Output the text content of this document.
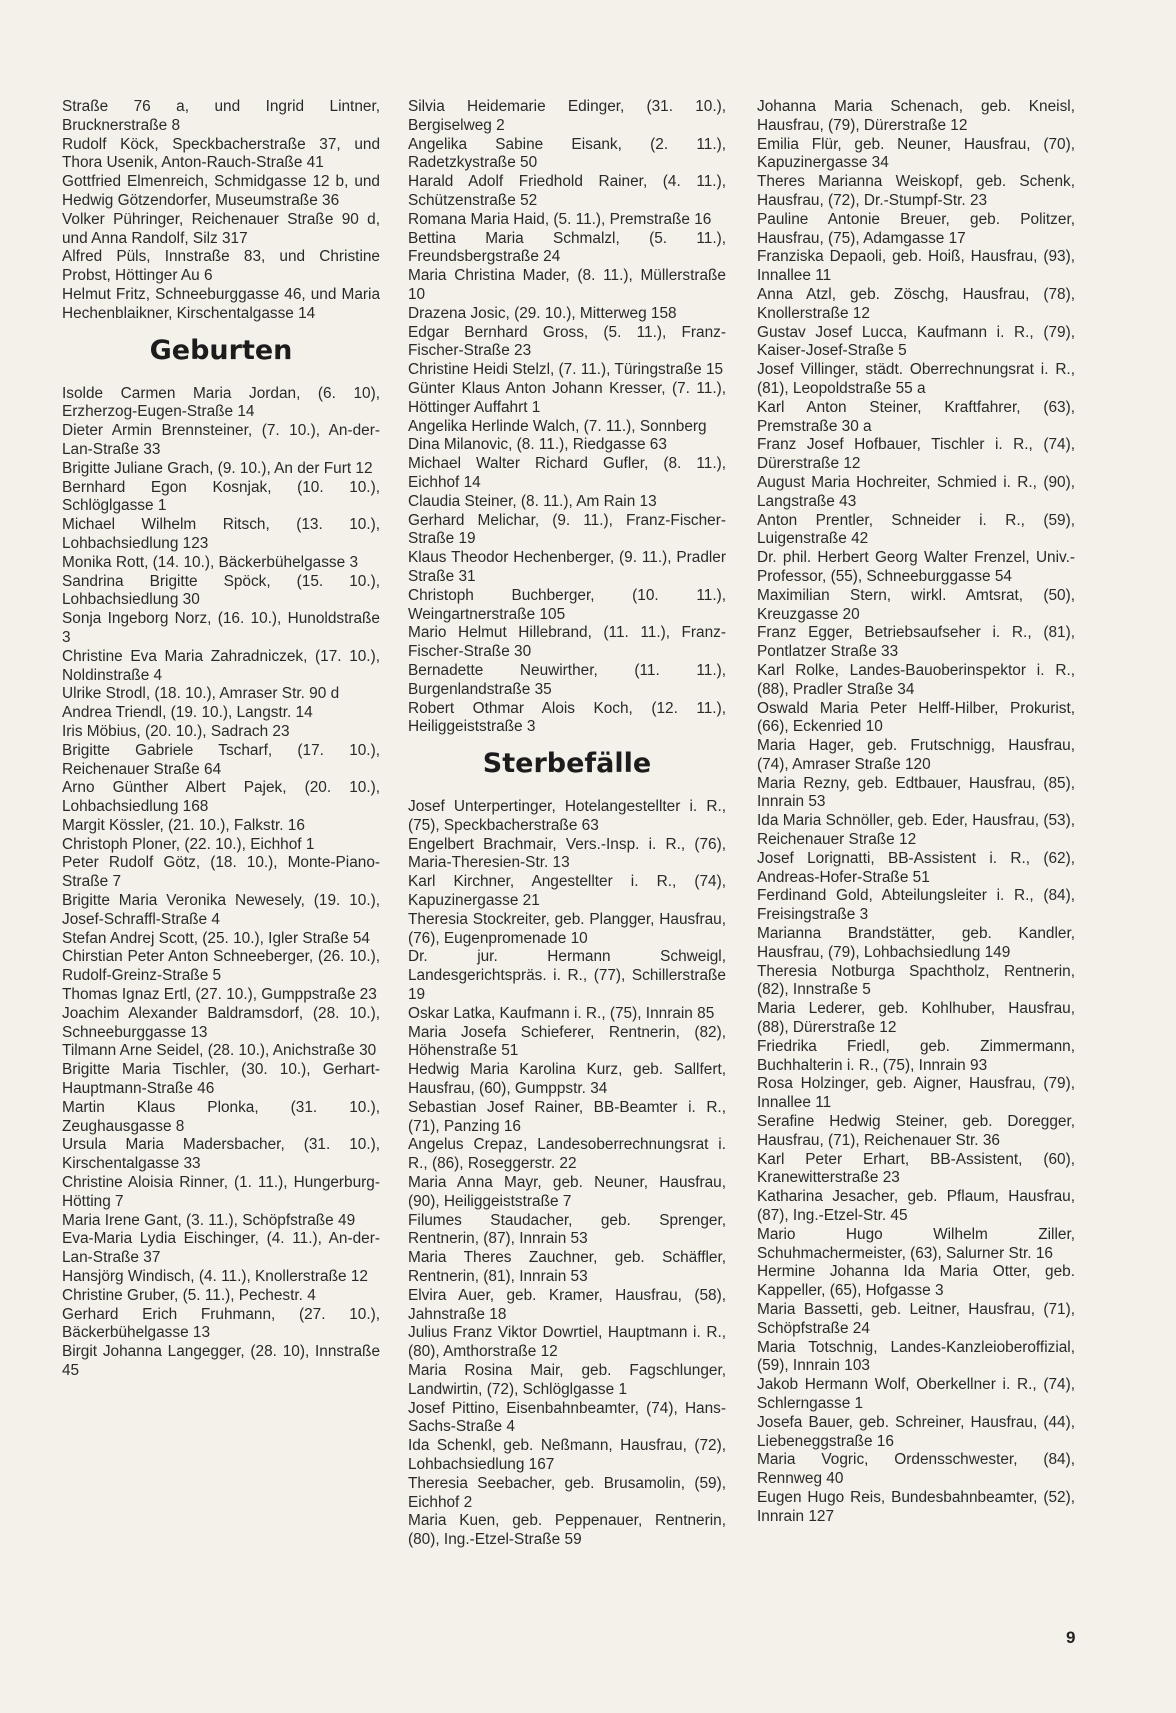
Straße 76 a, und Ingrid Lintner, Brucknerstraße 8

Rudolf Köck, Speckbacherstraße 37, und Thora Usenik, Anton-Rauch-Straße 41

Gottfried Elmenreich, Schmidgasse 12 b, und Hedwig Götzendorfer, Museumstraße 36

Volker Pühringer, Reichenauer Straße 90 d, und Anna Randolf, Silz 317

Alfred Püls, Innstraße 83, und Christine Probst, Höttinger Au 6

Helmut Fritz, Schneeburggasse 46, und Maria Hechenblaikner, Kirschentalgasse 14

Geburten

Isolde Carmen Maria Jordan, (6. 10), Erzherzog-Eugen-Straße 14

Dieter Armin Brennsteiner, (7. 10.), An-der-Lan-Straße 33

Brigitte Juliane Grach, (9. 10.), An der Furt 12

Bernhard Egon Kosnjak, (10. 10.), Schlöglgasse 1

Michael Wilhelm Ritsch, (13. 10.), Lohbachsiedlung 123

Monika Rott, (14. 10.), Bäckerbühelgasse 3

Sandrina Brigitte Spöck, (15. 10.), Lohbachsiedlung 30

Sonja Ingeborg Norz, (16. 10.), Hunoldstraße 3

Christine Eva Maria Zahradniczek, (17. 10.), Noldinstraße 4

Ulrike Strodl, (18. 10.), Amraser Str. 90 d

Andrea Triendl, (19. 10.), Langstr. 14

Iris Möbius, (20. 10.), Sadrach 23

Brigitte Gabriele Tscharf, (17. 10.), Reichenauer Straße 64

Arno Günther Albert Pajek, (20. 10.), Lohbachsiedlung 168

Margit Kössler, (21. 10.), Falkstr. 16

Christoph Ploner, (22. 10.), Eichhof 1

Peter Rudolf Götz, (18. 10.), Monte-Piano-Straße 7

Brigitte Maria Veronika Newesely, (19. 10.), Josef-Schraffl-Straße 4

Stefan Andrej Scott, (25. 10.), Igler Straße 54

Chirstian Peter Anton Schneeberger, (26. 10.), Rudolf-Greinz-Straße 5

Thomas Ignaz Ertl, (27. 10.), Gumppstraße 23

Joachim Alexander Baldramsdorf, (28. 10.), Schneeburggasse 13

Tilmann Arne Seidel, (28. 10.), Anichstraße 30

Brigitte Maria Tischler, (30. 10.), Gerhart-Hauptmann-Straße 46

Martin Klaus Plonka, (31. 10.), Zeughausgasse 8

Ursula Maria Madersbacher, (31. 10.), Kirschentalgasse 33

Christine Aloisia Rinner, (1. 11.), Hungerburg-Hötting 7

Maria Irene Gant, (3. 11.), Schöpfstraße 49

Eva-Maria Lydia Eischinger, (4. 11.), An-der-Lan-Straße 37

Hansjörg Windisch, (4. 11.), Knollerstraße 12

Christine Gruber, (5. 11.), Pechestr. 4

Gerhard Erich Fruhmann, (27. 10.), Bäckerbühelgasse 13

Birgit Johanna Langegger, (28. 10), Innstraße 45

Silvia Heidemarie Edinger, (31. 10.), Bergiselweg 2

Angelika Sabine Eisank, (2. 11.), Radetzkystraße 50

Harald Adolf Friedhold Rainer, (4. 11.), Schützenstraße 52

Romana Maria Haid, (5. 11.), Premstraße 16

Bettina Maria Schmalzl, (5. 11.), Freundsbergstraße 24

Maria Christina Mader, (8. 11.), Müllerstraße 10

Drazena Josic, (29. 10.), Mitterweg 158

Edgar Bernhard Gross, (5. 11.), Franz-Fischer-Straße 23

Christine Heidi Stelzl, (7. 11.), Türingstraße 15

Günter Klaus Anton Johann Kresser, (7. 11.), Höttinger Auffahrt 1

Angelika Herlinde Walch, (7. 11.), Sonnberg

Dina Milanovic, (8. 11.), Riedgasse 63

Michael Walter Richard Gufler, (8. 11.), Eichhof 14

Claudia Steiner, (8. 11.), Am Rain 13

Gerhard Melichar, (9. 11.), Franz-Fischer-Straße 19

Klaus Theodor Hechenberger, (9. 11.), Pradler Straße 31

Christoph Buchberger, (10. 11.), Weingartnerstraße 105

Mario Helmut Hillebrand, (11. 11.), Franz-Fischer-Straße 30

Bernadette Neuwirther, (11. 11.), Burgenlandstraße 35

Robert Othmar Alois Koch, (12. 11.), Heiliggeiststraße 3

Sterbefälle

Josef Unterpertinger, Hotelangestellter i. R., (75), Speckbacherstraße 63

Engelbert Brachmair, Vers.-Insp. i. R., (76), Maria-Theresien-Str. 13

Karl Kirchner, Angestellter i. R., (74), Kapuzinergasse 21

Theresia Stockreiter, geb. Plangger, Hausfrau, (76), Eugenpromenade 10

Dr. jur. Hermann Schweigl, Landesgerichtspräs. i. R., (77), Schillerstraße 19

Oskar Latka, Kaufmann i. R., (75), Innrain 85

Maria Josefa Schieferer, Rentnerin, (82), Höhenstraße 51

Hedwig Maria Karolina Kurz, geb. Sallfert, Hausfrau, (60), Gumppstr. 34

Sebastian Josef Rainer, BB-Beamter i. R., (71), Panzing 16

Angelus Crepaz, Landesoberrechnungsrat i. R., (86), Roseggerstr. 22

Maria Anna Mayr, geb. Neuner, Hausfrau, (90), Heiliggeiststraße 7

Filumes Staudacher, geb. Sprenger, Rentnerin, (87), Innrain 53

Maria Theres Zauchner, geb. Schäffler, Rentnerin, (81), Innrain 53

Elvira Auer, geb. Kramer, Hausfrau, (58), Jahnstraße 18

Julius Franz Viktor Dowrtiel, Hauptmann i. R., (80), Amthorstraße 12

Maria Rosina Mair, geb. Fagschlunger, Landwirtin, (72), Schlöglgasse 1

Josef Pittino, Eisenbahnbeamter, (74), Hans-Sachs-Straße 4

Ida Schenkl, geb. Neßmann, Hausfrau, (72), Lohbachsiedlung 167

Theresia Seebacher, geb. Brusamolin, (59), Eichhof 2

Maria Kuen, geb. Peppenauer, Rentnerin, (80), Ing.-Etzel-Straße 59

Johanna Maria Schenach, geb. Kneisl, Hausfrau, (79), Dürerstraße 12

Emilia Flür, geb. Neuner, Hausfrau, (70), Kapuzinergasse 34

Theres Marianna Weiskopf, geb. Schenk, Hausfrau, (72), Dr.-Stumpf-Str. 23

Pauline Antonie Breuer, geb. Politzer, Hausfrau, (75), Adamgasse 17

Franziska Depaoli, geb. Hoiß, Hausfrau, (93), Innallee 11

Anna Atzl, geb. Zöschg, Hausfrau, (78), Knollerstraße 12

Gustav Josef Lucca, Kaufmann i. R., (79), Kaiser-Josef-Straße 5

Josef Villinger, städt. Oberrechnungsrat i. R., (81), Leopoldstraße 55 a

Karl Anton Steiner, Kraftfahrer, (63), Premstraße 30 a

Franz Josef Hofbauer, Tischler i. R., (74), Dürerstraße 12

August Maria Hochreiter, Schmied i. R., (90), Langstraße 43

Anton Prentler, Schneider i. R., (59), Luigenstraße 42

Dr. phil. Herbert Georg Walter Frenzel, Univ.-Professor, (55), Schneeburggasse 54

Maximilian Stern, wirkl. Amtsrat, (50), Kreuzgasse 20

Franz Egger, Betriebsaufseher i. R., (81), Pontlatzer Straße 33

Karl Rolke, Landes-Bauoberinspektor i. R., (88), Pradler Straße 34

Oswald Maria Peter Helff-Hilber, Prokurist, (66), Eckenried 10

Maria Hager, geb. Frutschnigg, Hausfrau, (74), Amraser Straße 120

Maria Rezny, geb. Edtbauer, Hausfrau, (85), Innrain 53

Ida Maria Schnöller, geb. Eder, Hausfrau, (53), Reichenauer Straße 12

Josef Lorignatti, BB-Assistent i. R., (62), Andreas-Hofer-Straße 51

Ferdinand Gold, Abteilungsleiter i. R., (84), Freisingstraße 3

Marianna Brandstätter, geb. Kandler, Hausfrau, (79), Lohbachsiedlung 149

Theresia Notburga Spachtholz, Rentnerin, (82), Innstraße 5

Maria Lederer, geb. Kohlhuber, Hausfrau, (88), Dürerstraße 12

Friedrika Friedl, geb. Zimmermann, Buchhalterin i. R., (75), Innrain 93

Rosa Holzinger, geb. Aigner, Hausfrau, (79), Innallee 11

Serafine Hedwig Steiner, geb. Doregger, Hausfrau, (71), Reichenauer Str. 36

Karl Peter Erhart, BB-Assistent, (60), Kranewitterstraße 23

Katharina Jesacher, geb. Pflaum, Hausfrau, (87), Ing.-Etzel-Str. 45

Mario Hugo Wilhelm Ziller, Schuhmachermeister, (63), Salurner Str. 16

Hermine Johanna Ida Maria Otter, geb. Kappeller, (65), Hofgasse 3

Maria Bassetti, geb. Leitner, Hausfrau, (71), Schöpfstraße 24

Maria Totschnig, Landes-Kanzleioberoffizial, (59), Innrain 103

Jakob Hermann Wolf, Oberkellner i. R., (74), Schlerngasse 1

Josefa Bauer, geb. Schreiner, Hausfrau, (44), Liebeneggstraße 16

Maria Vogric, Ordensschwester, (84), Rennweg 40

Eugen Hugo Reis, Bundesbahnbeamter, (52), Innrain 127

9
